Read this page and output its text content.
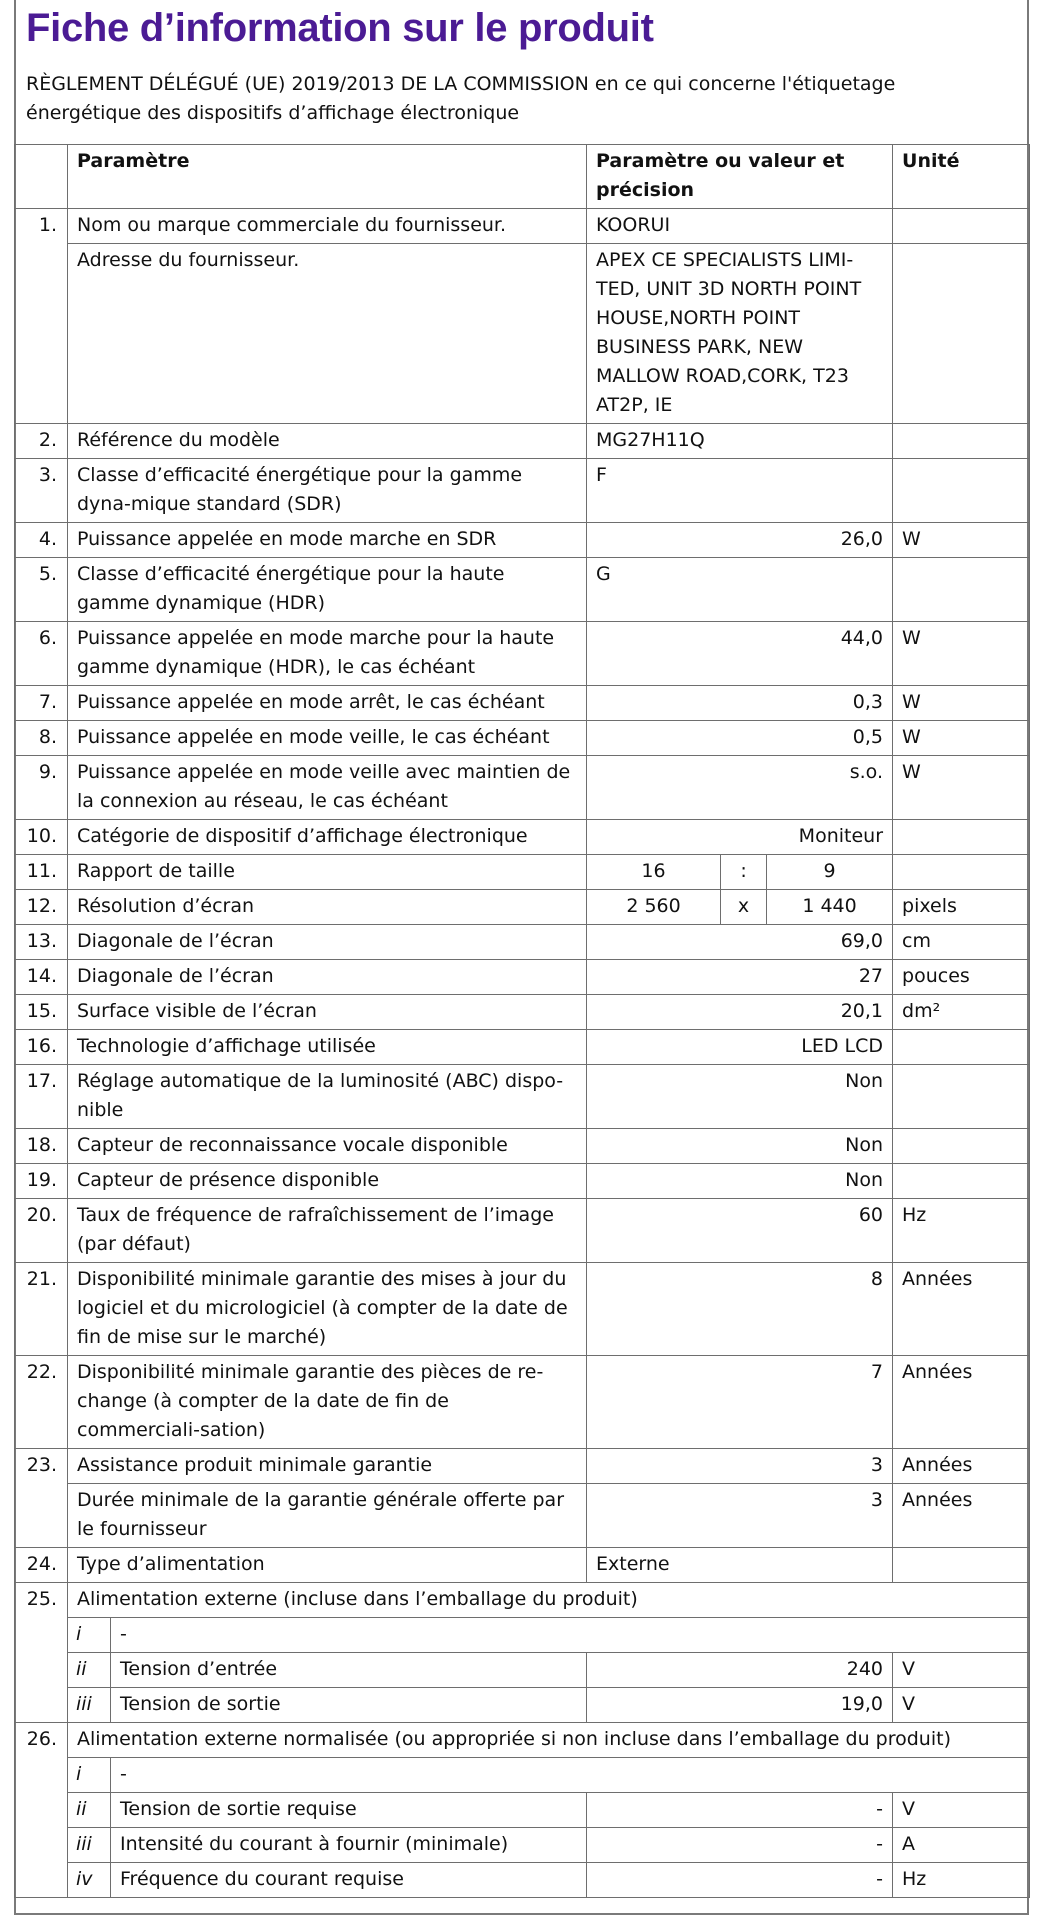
Fiche d’information sur le produit

RÈGLEMENT DÉLÉGUÉ (UE) 2019/2013 DE LA COMMISSION en ce qui concerne l'étiquetage énergétique des dispositifs d’affichage électronique

	Paramètre		Paramètre ou valeur et précision			Unité
1.	Nom ou marque commerciale du fournisseur.		KOORUI			
	Adresse du fournisseur.		APEX CE SPECIALISTS LIMI-TED, UNIT 3D NORTH POINT HOUSE,NORTH POINT BUSINESS PARK, NEW MALLOW ROAD,CORK, T23 AT2P, IE			
2.	Référence du modèle		MG27H11Q			
3.	Classe d’efficacité énergétique pour la gamme dyna-mique standard (SDR)		F			
4.	Puissance appelée en mode marche en SDR		26,0			W
5.	Classe d’efficacité énergétique pour la haute gamme dynamique (HDR)		G			
6.	Puissance appelée en mode marche pour la haute gamme dynamique (HDR), le cas échéant		44,0			W
7.	Puissance appelée en mode arrêt, le cas échéant		0,3			W
8.	Puissance appelée en mode veille, le cas échéant		0,5			W
9.	Puissance appelée en mode veille avec maintien de la connexion au réseau, le cas échéant		s.o.			W
10.	Catégorie de dispositif d’affichage électronique		Moniteur			
11.	Rapport de taille		16	:	9	
12.	Résolution d’écran		2 560	x	1 440	pixels
13.	Diagonale de l’écran		69,0			cm
14.	Diagonale de l’écran		27			pouces
15.	Surface visible de l’écran		20,1			dm²
16.	Technologie d’affichage utilisée		LED LCD			
17.	Réglage automatique de la luminosité (ABC) dispo-nible		Non			
18.	Capteur de reconnaissance vocale disponible		Non			
19.	Capteur de présence disponible		Non			
20.	Taux de fréquence de rafraîchissement de l’image (par défaut)		60			Hz
21.	Disponibilité minimale garantie des mises à jour du logiciel et du micrologiciel (à compter de la date de fin de mise sur le marché)		8			Années
22.	Disponibilité minimale garantie des pièces de re-change (à compter de la date de fin de commerciali-sation)		7			Années
23.	Assistance produit minimale garantie		3			Années
	Durée minimale de la garantie générale offerte par le fournisseur		3			Années
24.	Type d’alimentation		Externe			
25.	Alimentation externe (incluse dans l’emballage du produit)					
	i	-				
	ii	Tension d’entrée	240			V
	iii	Tension de sortie	19,0			V
26.	Alimentation externe normalisée (ou appropriée si non incluse dans l’emballage du produit)					
	i	-				
	ii	Tension de sortie requise	-			V
	iii	Intensité du courant à fournir (minimale)	-			A
	iv	Fréquence du courant requise	-			Hz
